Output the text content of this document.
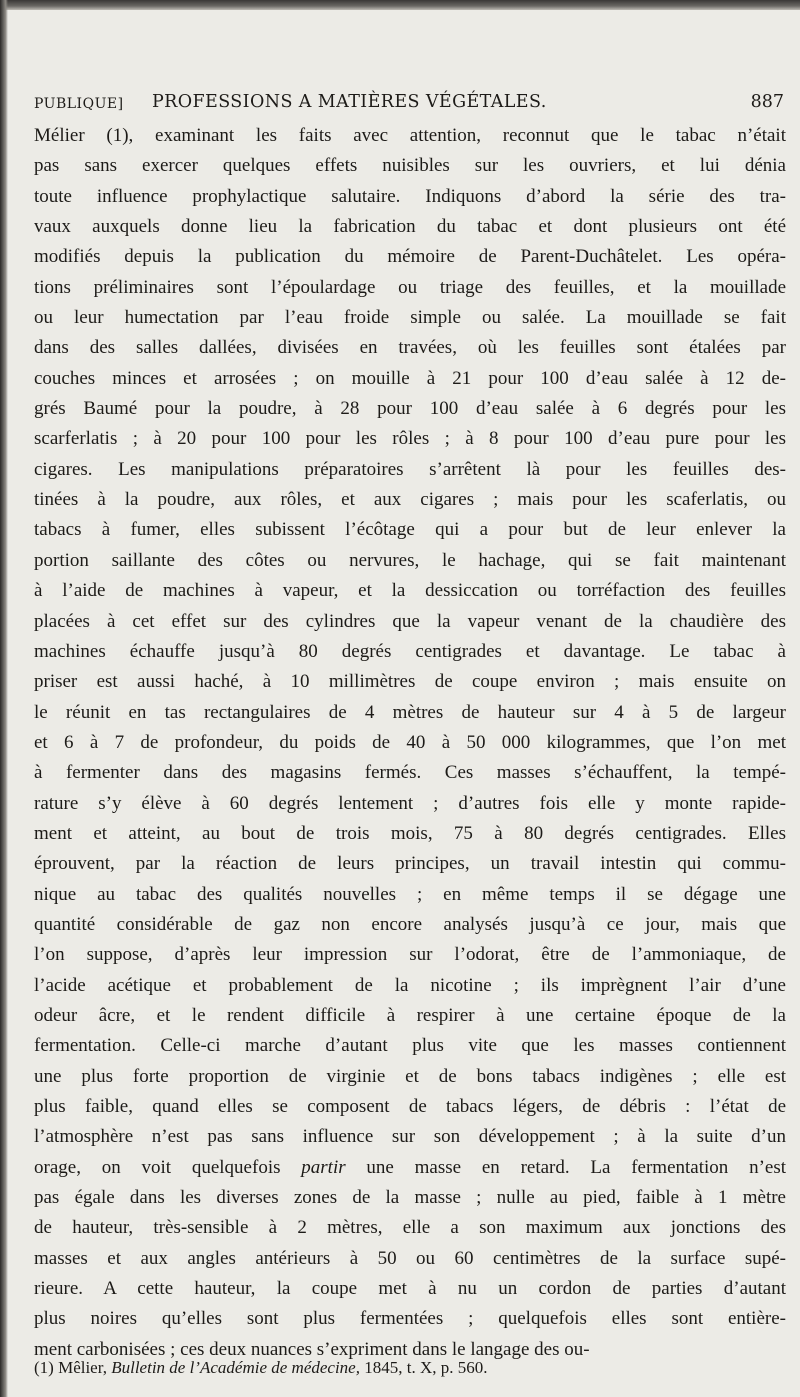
PUBLIQUE] PROFESSIONS A MATIÈRES VÉGÉTALES.	887
Mélier (1), examinant les faits avec attention, reconnut que le tabac n’était
pas sans exercer quelques effets nuisibles sur les ouvriers, et lui dénia
toute influence prophylactique salutaire. Indiquons d’abord la série des tra-
vaux auxquels donne lieu la fabrication du tabac et dont plusieurs ont été
modifiés depuis la publication du mémoire de Parent-Duchâtelet. Les opéra-
tions préliminaires sont l’époulardage ou triage des feuilles, et la mouillade
ou leur humectation par l’eau froide simple ou salée. La mouillade se fait
dans des salles dallées, divisées en travées, où les feuilles sont étalées par
couches minces et arrosées ; on mouille à 21 pour 100 d’eau salée à 12 de-
grés Baumé pour la poudre, à 28 pour 100 d’eau salée à 6 degrés pour les
scarferlatis ; à 20 pour 100 pour les rôles ; à 8 pour 100 d’eau pure pour les
cigares. Les manipulations préparatoires s’arrêtent là pour les feuilles des-
tinées à la poudre, aux rôles, et aux cigares ; mais pour les scaferlatis, ou
tabacs à fumer, elles subissent l’écôtage qui a pour but de leur enlever la
portion saillante des côtes ou nervures, le hachage, qui se fait maintenant
à l’aide de machines à vapeur, et la dessiccation ou torréfaction des feuilles
placées à cet effet sur des cylindres que la vapeur venant de la chaudière des
machines échauffe jusqu’à 80 degrés centigrades et davantage. Le tabac à
priser est aussi haché, à 10 millimètres de coupe environ ; mais ensuite on
le réunit en tas rectangulaires de 4 mètres de hauteur sur 4 à 5 de largeur
et 6 à 7 de profondeur, du poids de 40 à 50 000 kilogrammes, que l’on met
à fermenter dans des magasins fermés. Ces masses s’échauffent, la tempé-
rature s’y élève à 60 degrés lentement ; d’autres fois elle y monte rapide-
ment et atteint, au bout de trois mois, 75 à 80 degrés centigrades. Elles
éprouvent, par la réaction de leurs principes, un travail intestin qui commu-
nique au tabac des qualités nouvelles ; en même temps il se dégage une
quantité considérable de gaz non encore analysés jusqu’à ce jour, mais que
l’on suppose, d’après leur impression sur l’odorat, être de l’ammoniaque, de
l’acide acétique et probablement de la nicotine ; ils imprègnent l’air d’une
odeur âcre, et le rendent difficile à respirer à une certaine époque de la
fermentation. Celle-ci marche d’autant plus vite que les masses contiennent
une plus forte proportion de virginie et de bons tabacs indigènes ; elle est
plus faible, quand elles se composent de tabacs légers, de débris : l’état de
l’atmosphère n’est pas sans influence sur son développement ; à la suite d’un
orage, on voit quelquefois partir une masse en retard. La fermentation n’est
pas égale dans les diverses zones de la masse ; nulle au pied, faible à 1 mètre
de hauteur, très-sensible à 2 mètres, elle a son maximum aux jonctions des
masses et aux angles antérieurs à 50 ou 60 centimètres de la surface supé-
rieure. A cette hauteur, la coupe met à nu un cordon de parties d’autant
plus noires qu’elles sont plus fermentées ; quelquefois elles sont entière-
ment carbonisées ; ces deux nuances s’expriment dans le langage des ou-
(1) Mêlier, Bulletin de l’Académie de médecine, 1845, t. X, p. 560.
